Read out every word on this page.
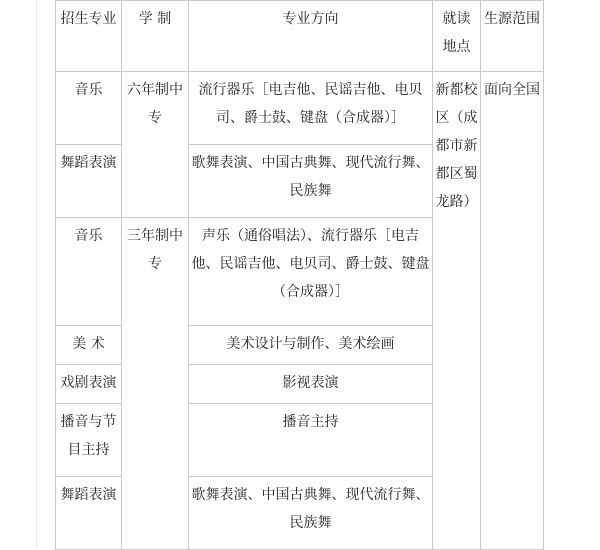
招生专业	学 制	专业方向	就读 地点	生源范围
音乐	六年制中专	流行器乐［电吉他、民谣吉他、电贝司、爵士鼓、键盘（合成器）］	新都校区（成都市新都区蜀龙路）	面向全国
舞蹈表演		歌舞表演、中国古典舞、现代流行舞、民族舞		
音乐	三年制中专	声乐（通俗唱法）、流行器乐［电吉他、民谣吉他、电贝司、爵士鼓、键盘（合成器）］		
美 术		美术设计与制作、美术绘画		
戏剧表演		影视表演		
播音与节目主持		播音主持		
舞蹈表演		歌舞表演、中国古典舞、现代流行舞、民族舞		
